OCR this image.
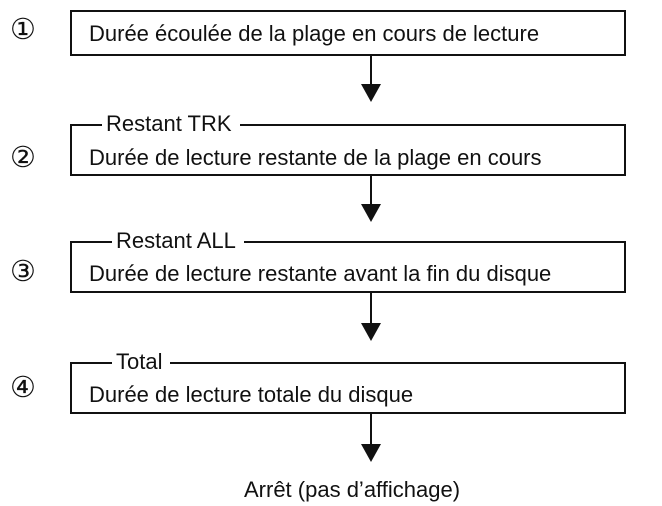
① Durée écoulée de la plage en cours de lecture
②
Restant TRK
Durée de lecture restante de la plage en cours
③
Restant ALL
Durée de lecture restante avant la fin du disque
④
Total
Durée de lecture totale du disque
Arrêt (pas d’affichage)
